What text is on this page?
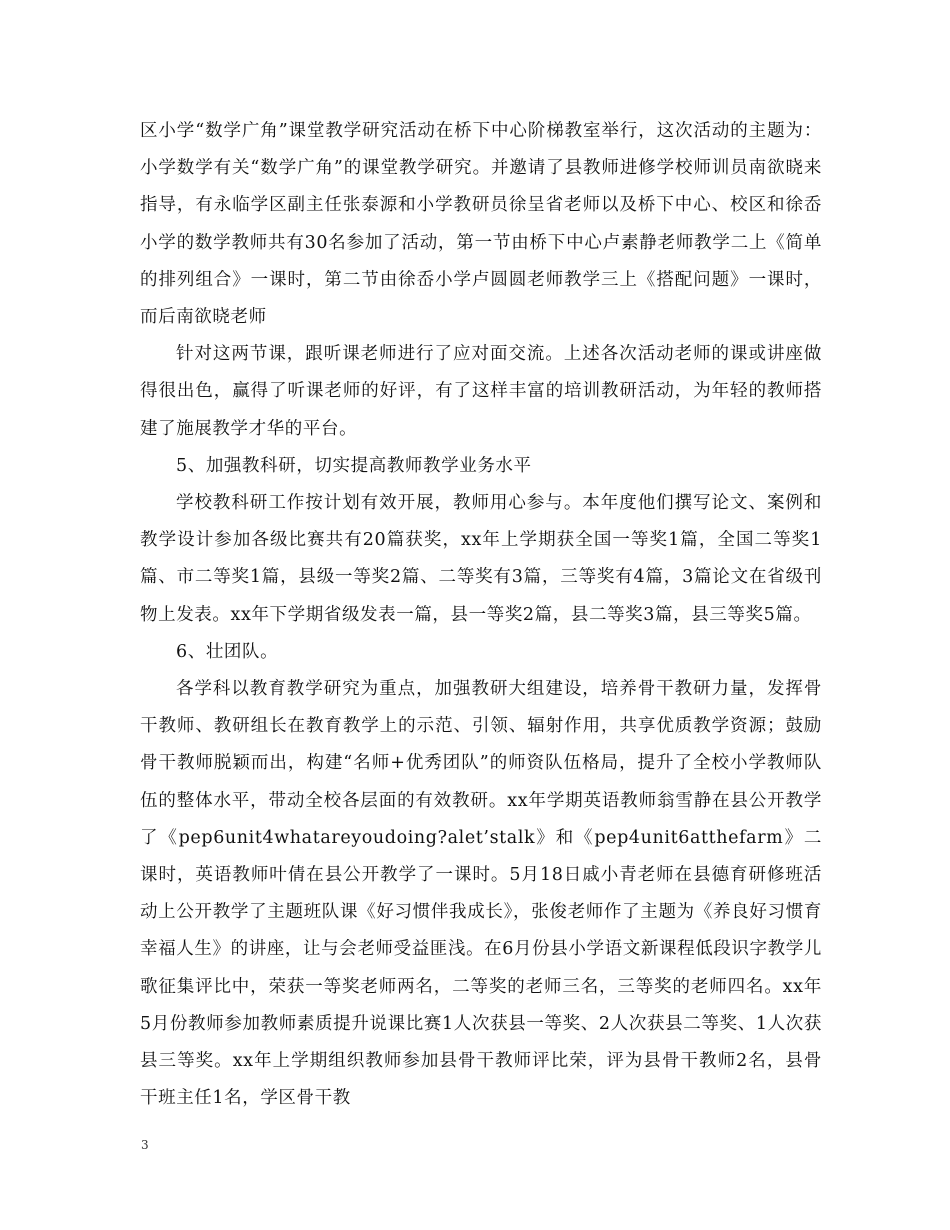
区小学“数学广角”课堂教学研究活动在桥下中心阶梯教室举行，这次活动的主题为：小学数学有关“数学广角”的课堂教学研究。并邀请了县教师进修学校师训员南欲晓来指导，有永临学区副主任张泰源和小学教研员徐呈省老师以及桥下中心、校区和徐岙小学的数学教师共有30名参加了活动，第一节由桥下中心卢素静老师教学二上《简单的排列组合》一课时，第二节由徐岙小学卢圆圆老师教学三上《搭配问题》一课时，而后南欲晓老师

针对这两节课，跟听课老师进行了应对面交流。上述各次活动老师的课或讲座做得很出色，赢得了听课老师的好评，有了这样丰富的培训教研活动，为年轻的教师搭建了施展教学才华的平台。

5、加强教科研，切实提高教师教学业务水平

学校教科研工作按计划有效开展，教师用心参与。本年度他们撰写论文、案例和教学设计参加各级比赛共有20篇获奖，xx年上学期获全国一等奖1篇，全国二等奖1篇、市二等奖1篇，县级一等奖2篇、二等奖有3篇，三等奖有4篇，3篇论文在省级刊物上发表。xx年下学期省级发表一篇，县一等奖2篇，县二等奖3篇，县三等奖5篇。

6、壮团队。

各学科以教育教学研究为重点，加强教研大组建设，培养骨干教研力量，发挥骨干教师、教研组长在教育教学上的示范、引领、辐射作用，共享优质教学资源；鼓励骨干教师脱颖而出，构建“名师+优秀团队”的师资队伍格局，提升了全校小学教师队伍的整体水平，带动全校各层面的有效教研。xx年学期英语教师翁雪静在县公开教学了《pep6unit4whatareyoudoing?alet’stalk》和《pep4unit6atthefarm》二课时，英语教师叶倩在县公开教学了一课时。5月18日戚小青老师在县德育研修班活动上公开教学了主题班队课《好习惯伴我成长》，张俊老师作了主题为《养良好习惯育幸福人生》的讲座，让与会老师受益匪浅。在6月份县小学语文新课程低段识字教学儿歌征集评比中，荣获一等奖老师两名，二等奖的老师三名，三等奖的老师四名。xx年5月份教师参加教师素质提升说课比赛1人次获县一等奖、2人次获县二等奖、1人次获县三等奖。xx年上学期组织教师参加县骨干教师评比荣，评为县骨干教师2名，县骨干班主任1名，学区骨干教

3
